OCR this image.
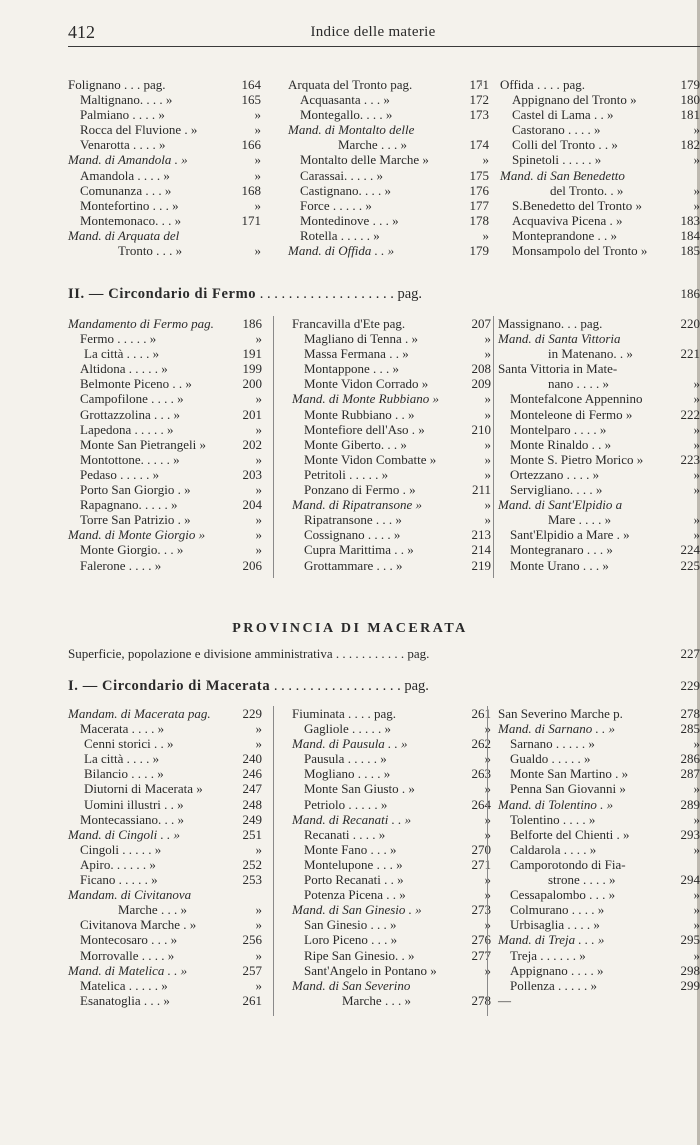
412	Indice delle materie
Folignano . . . pag.	164
Maltignano. . . . »	165
Palmiano . . . . »	»
Rocca del Fluvione . »	»
Venarotta . . . . »	166
Mand. di Amandola . »	»
Amandola . . . . »	»
Comunanza . . . »	168
Montefortino . . . »	»
Montemonaco. . . »	171
Mand. di Arquata del
Tronto . . . »	»
Arquata del Tronto pag.	171
Acquasanta . . . »	172
Montegallo. . . . »	173
Mand. di Montalto delle
Marche . . . »	174
Montalto delle Marche »	»
Carassai. . . . . »	175
Castignano. . . . »	176
Force . . . . . »	177
Montedinove . . . »	178
Rotella . . . . . »	»
Mand. di Offida . . »	179
Offida . . . . pag.	179
Appignano del Tronto »	180
Castel di Lama . . »	181
Castorano . . . . »	»
Colli del Tronto . . »	182
Spinetoli . . . . . »	»
Mand. di San Benedetto
del Tronto. . »	»
S.Benedetto del Tronto »	»
Acquaviva Picena . »	183
Monteprandone . . »	184
Monsampolo del Tronto »	185
II. — Circondario di Fermo . . . . . . . . . . . . . . . . . . . pag.	186
Mandamento di Fermo pag. 186
Fermo . . . . . »	»
La città . . . . »	191
Altidona . . . . . »	199
Belmonte Piceno . . »	200
Campofilone . . . . »	»
Grottazzolina . . . »	201
Lapedona . . . . . »	»
Monte San Pietrangeli »	202
Montottone. . . . . »	»
Pedaso . . . . . »	203
Porto San Giorgio . »	»
Rapagnano. . . . . »	204
Torre San Patrizio . »	»
Mand. di Monte Giorgio »	»
Monte Giorgio. . . »	»
Falerone . . . . »	206
Francavilla d'Ete pag.	207
Magliano di Tenna . »	»
Massa Fermana . . »	»
Montappone . . . »	208
Monte Vidon Corrado »	209
Mand. di Monte Rubbiano »	»
Monte Rubbiano . . »	»
Montefiore dell'Aso . »	210
Monte Giberto. . . »	»
Monte Vidon Combatte »	»
Petritoli . . . . . »	»
Ponzano di Fermo . »	211
Mand. di Ripatransone »	»
Ripatransone . . . »	»
Cossignano . . . . »	213
Cupra Marittima . . »	214
Grottammare . . . »	219
Massignano. . . pag.	220
Mand. di Santa Vittoria
in Matenano. . »	221
Santa Vittoria in Mate-
nano . . . . »	»
Montefalcone Appennino	»
Monteleone di Fermo »	222
Montelparo . . . . »	»
Monte Rinaldo . . »	»
Monte S. Pietro Morico »	223
Ortezzano . . . . »	»
Servigliano. . . . »	»
Mand. di Sant'Elpidio a
Mare . . . . »	»
Sant'Elpidio a Mare . »	»
Montegranaro . . . »	224
Monte Urano . . . »	225
PROVINCIA DI MACERATA
Superficie, popolazione e divisione amministrativa . . . . . . . . . . . pag.	227
I. — Circondario di Macerata . . . . . . . . . . . . . . . . . . pag.	229
Mandam. di Macerata pag. 229
Macerata . . . . »	»
Cenni storici . . »	»
La città . . . . »	240
Bilancio . . . . »	246
Diutorni di Macerata »	247
Uomini illustri . . »	248
Montecassiano. . . »	249
Mand. di Cingoli . . »	251
Cingoli . . . . . »	»
Apiro. . . . . . »	252
Ficano . . . . . »	253
Mandam. di Civitanova
Marche . . . »	»
Civitanova Marche . »	»
Montecosaro . . . »	256
Morrovalle . . . . »	»
Mand. di Matelica . . »	257
Matelica . . . . . »	»
Esanatoglia . . . »	261
Fiuminata . . . . pag.	261
Gagliole . . . . . »	»
Mand. di Pausula . . »	262
Pausula . . . . . »	»
Mogliano . . . . »	263
Monte San Giusto . »	»
Petriolo . . . . . »	264
Mand. di Recanati . . »	»
Recanati . . . . »	»
Monte Fano . . . »	270
Montelupone . . . »	271
Porto Recanati . . »	»
Potenza Picena . . »	»
Mand. di San Ginesio . »	273
San Ginesio . . . »	»
Loro Piceno . . . »	276
Ripe San Ginesio. . »	277
Sant'Angelo in Pontano »	»
Mand. di San Severino
Marche . . . »	278
San Severino Marche p.	278
Mand. di Sarnano . . »	285
Sarnano . . . . . »	»
Gualdo . . . . . »	286
Monte San Martino . »	287
Penna San Giovanni »	»
Mand. di Tolentino . »	289
Tolentino . . . . »	»
Belforte del Chienti . »	293
Caldarola . . . . »	»
Camporotondo di Fia-
strone . . . . »	294
Cessapalombo . . . »	»
Colmurano . . . . »	»
Urbisaglia . . . . »	»
Mand. di Treja . . . »	295
Treja . . . . . . »	»
Appignano . . . . »	298
Pollenza . . . . . »	299
—
